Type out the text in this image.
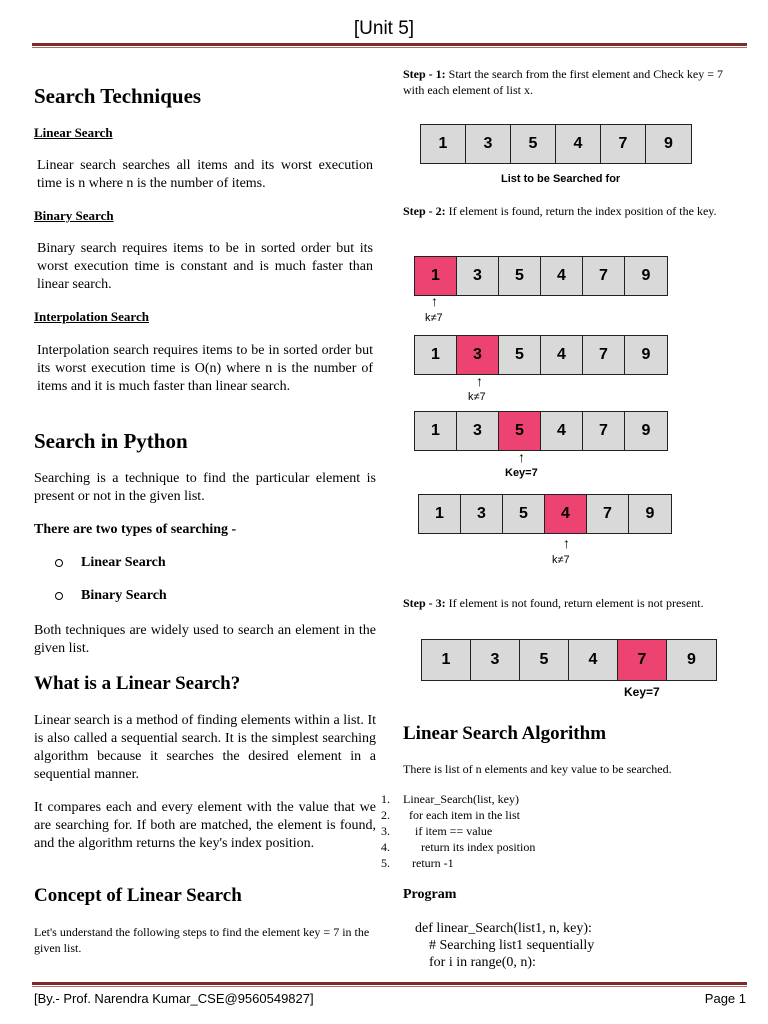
[Unit 5]
Search Techniques
Linear Search
Linear search searches all items and its worst execution time is n where n is the number of items.
Binary Search
Binary search requires items to be in sorted order but its worst execution time is constant and is much faster than linear search.
Interpolation Search
Interpolation search requires items to be in sorted order but its worst execution time is O(n) where n is the number of items and it is much faster than linear search.
Search in Python
Searching is a technique to find the particular element is present or not in the given list.
There are two types of searching -
Linear Search
Binary Search
Both techniques are widely used to search an element in the given list.
What is a Linear Search?
Linear search is a method of finding elements within a list. It is also called a sequential search. It is the simplest searching algorithm because it searches the desired element in a sequential manner.
It compares each and every element with the value that we are searching for. If both are matched, the element is found, and the algorithm returns the key's index position.
Concept of Linear Search
Let's understand the following steps to find the element key = 7 in the given list.
Step - 1: Start the search from the first element and Check key = 7 with each element of list x.
1	3	5	4	7	9
List to be Searched for
Step - 2: If element is found, return the index position of the key.
1	3	5	4	7	9
↑
k≠7
1	3	5	4	7	9
↑
k≠7
1	3	5	4	7	9
↑
Key=7
1	3	5	4	7	9
↑
k≠7
Step - 3: If element is not found, return element is not present.
1	3	5	4	7	9
Key=7
Linear Search Algorithm
There is list of n elements and key value to be searched.
1. Linear_Search(list, key)
2. for each item in the list
3. if item == value
4. return its index position
5. return -1
Program
def linear_Search(list1, n, key):
# Searching list1 sequentially
for i in range(0, n):
[By.- Prof. Narendra Kumar_CSE@9560549827]	Page 1
